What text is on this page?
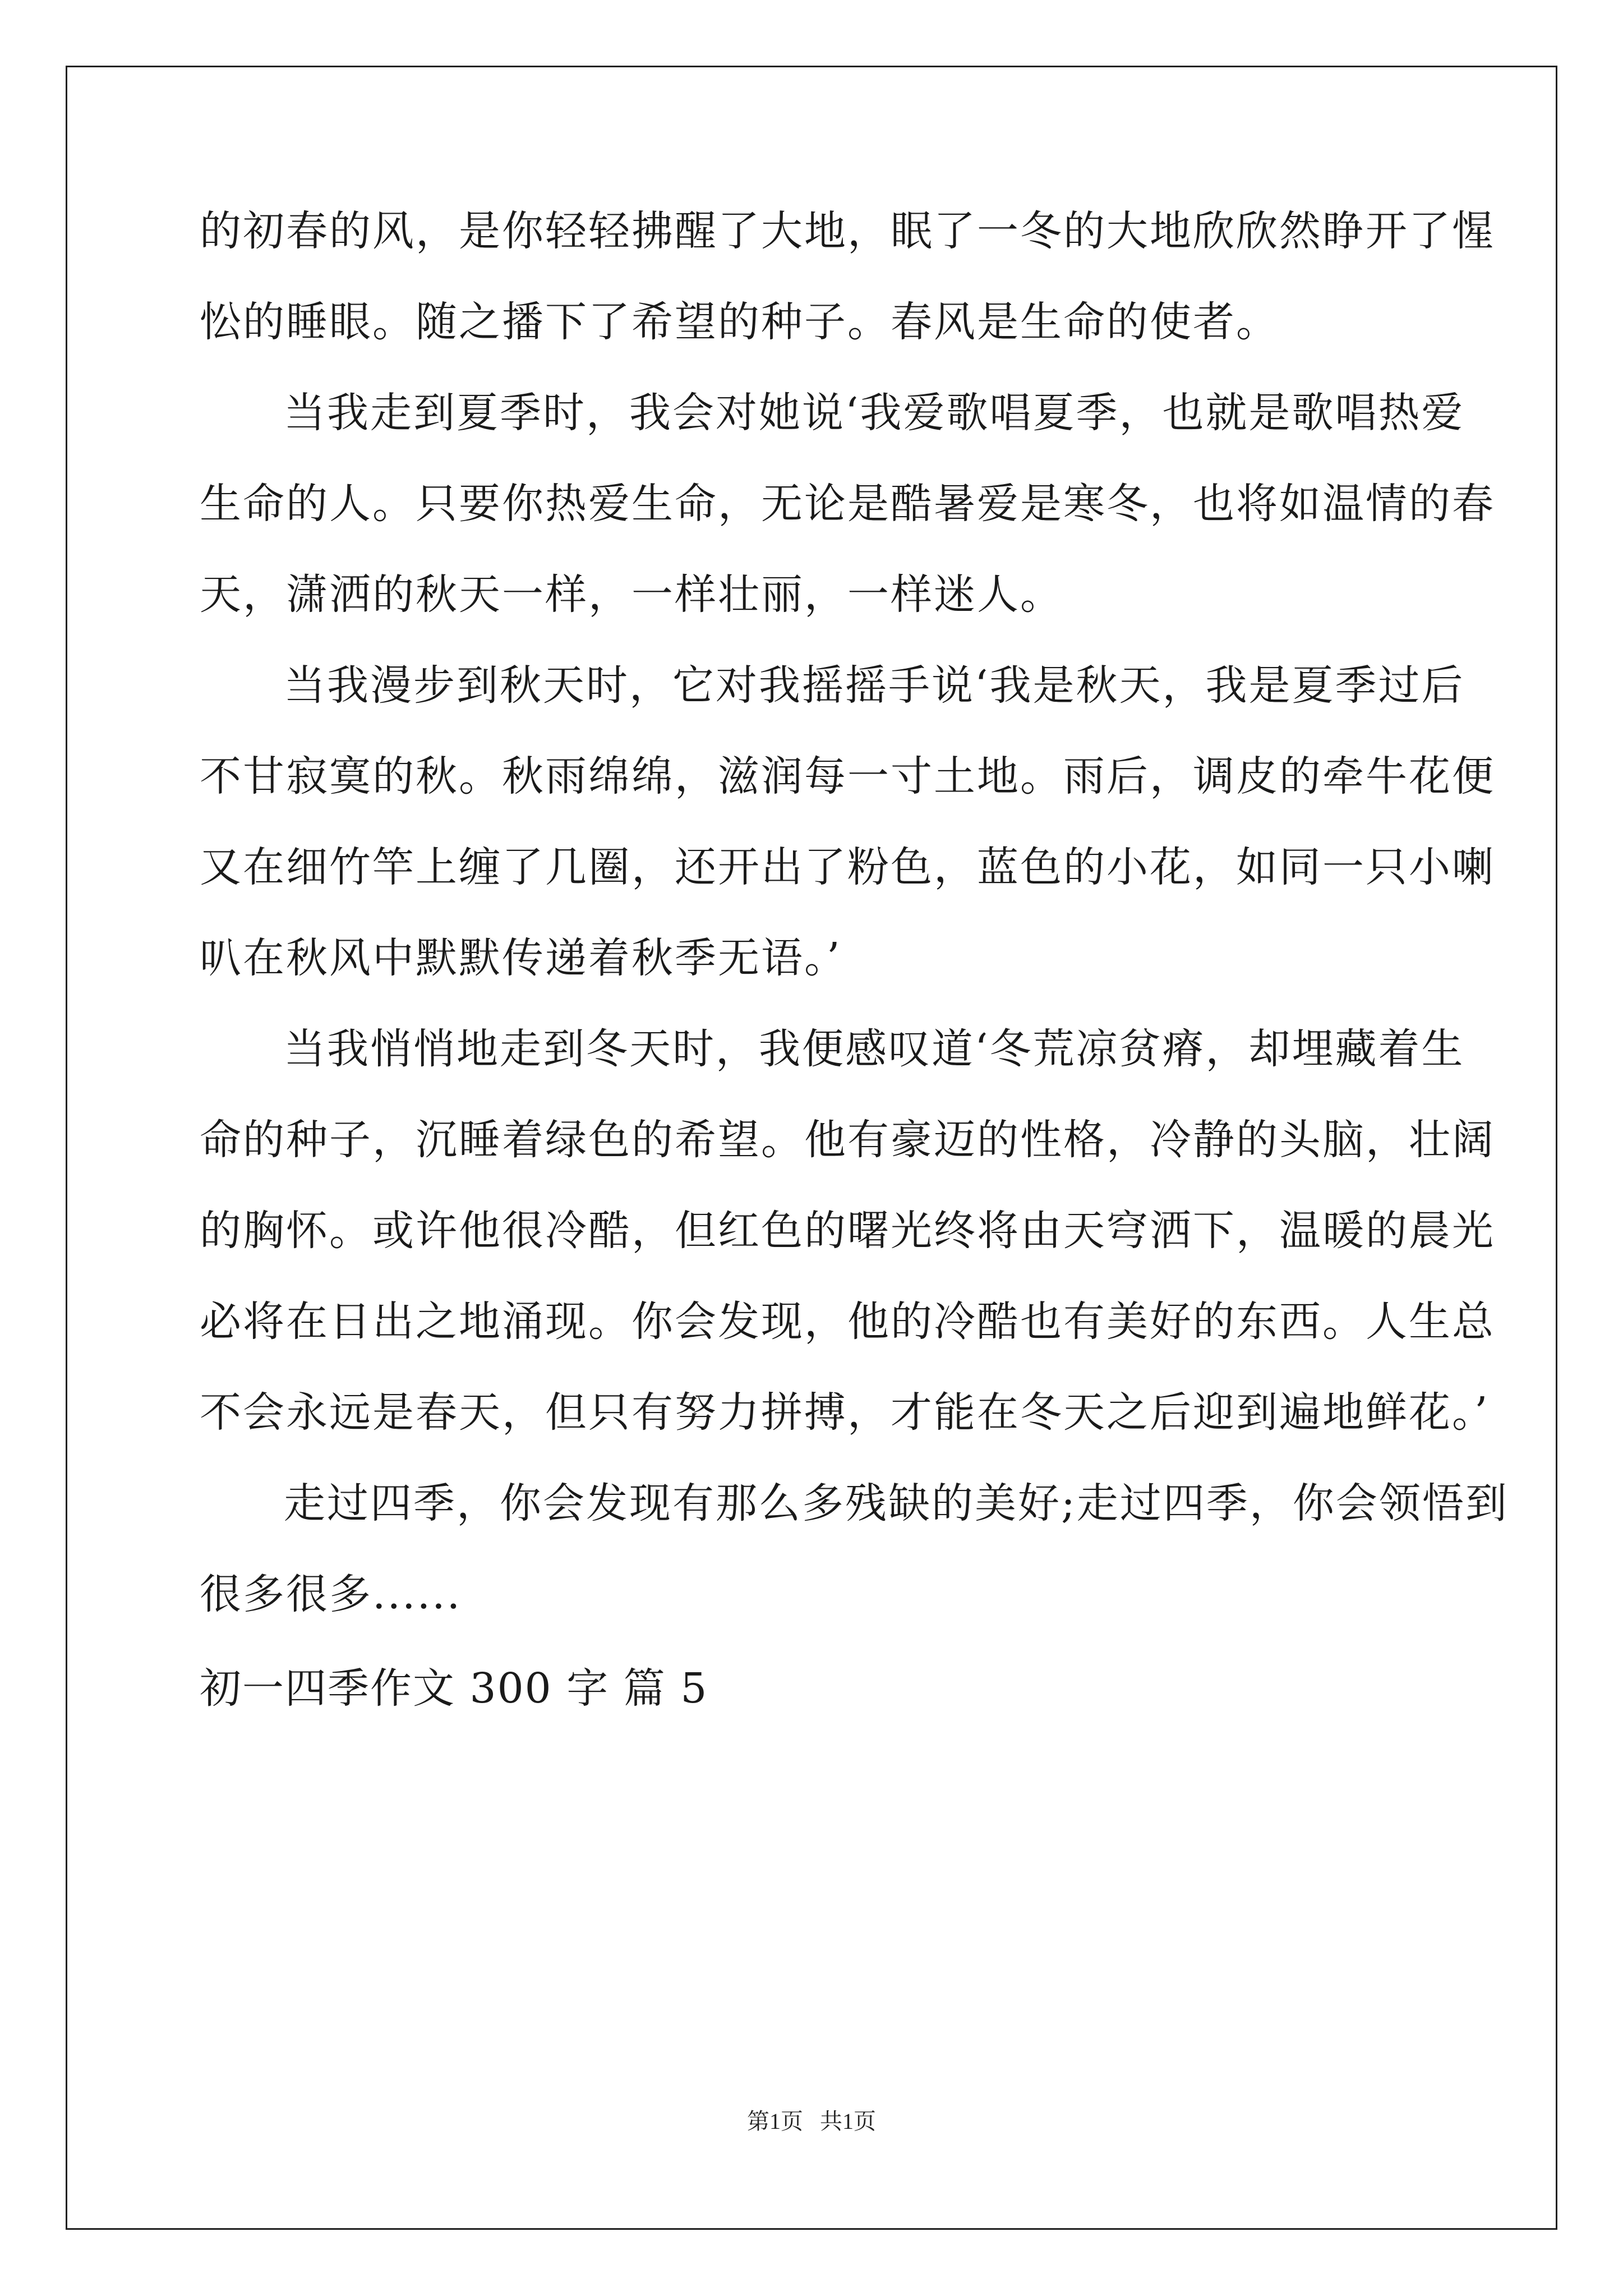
的初春的风，是你轻轻拂醒了大地，眠了一冬的大地欣欣然睁开了惺
忪的睡眼。随之播下了希望的种子。春风是生命的使者。
当我走到夏季时，我会对她说‘我爱歌唱夏季，也就是歌唱热爱
生命的人。只要你热爱生命，无论是酷暑爱是寒冬，也将如温情的春
天，潇洒的秋天一样，一样壮丽，一样迷人。
当我漫步到秋天时，它对我摇摇手说‘我是秋天，我是夏季过后
不甘寂寞的秋。秋雨绵绵，滋润每一寸土地。雨后，调皮的牵牛花便
又在细竹竿上缠了几圈，还开出了粉色，蓝色的小花，如同一只小喇
叭在秋风中默默传递着秋季无语。’
当我悄悄地走到冬天时，我便感叹道‘冬荒凉贫瘠，却埋藏着生
命的种子，沉睡着绿色的希望。他有豪迈的性格，冷静的头脑，壮阔
的胸怀。或许他很冷酷，但红色的曙光终将由天穹洒下，温暖的晨光
必将在日出之地涌现。你会发现，他的冷酷也有美好的东西。人生总
不会永远是春天，但只有努力拼搏，才能在冬天之后迎到遍地鲜花。’
走过四季，你会发现有那么多残缺的美好;走过四季，你会领悟到
很多很多......
初一四季作文 300 字 篇 5
第1页   共1页
